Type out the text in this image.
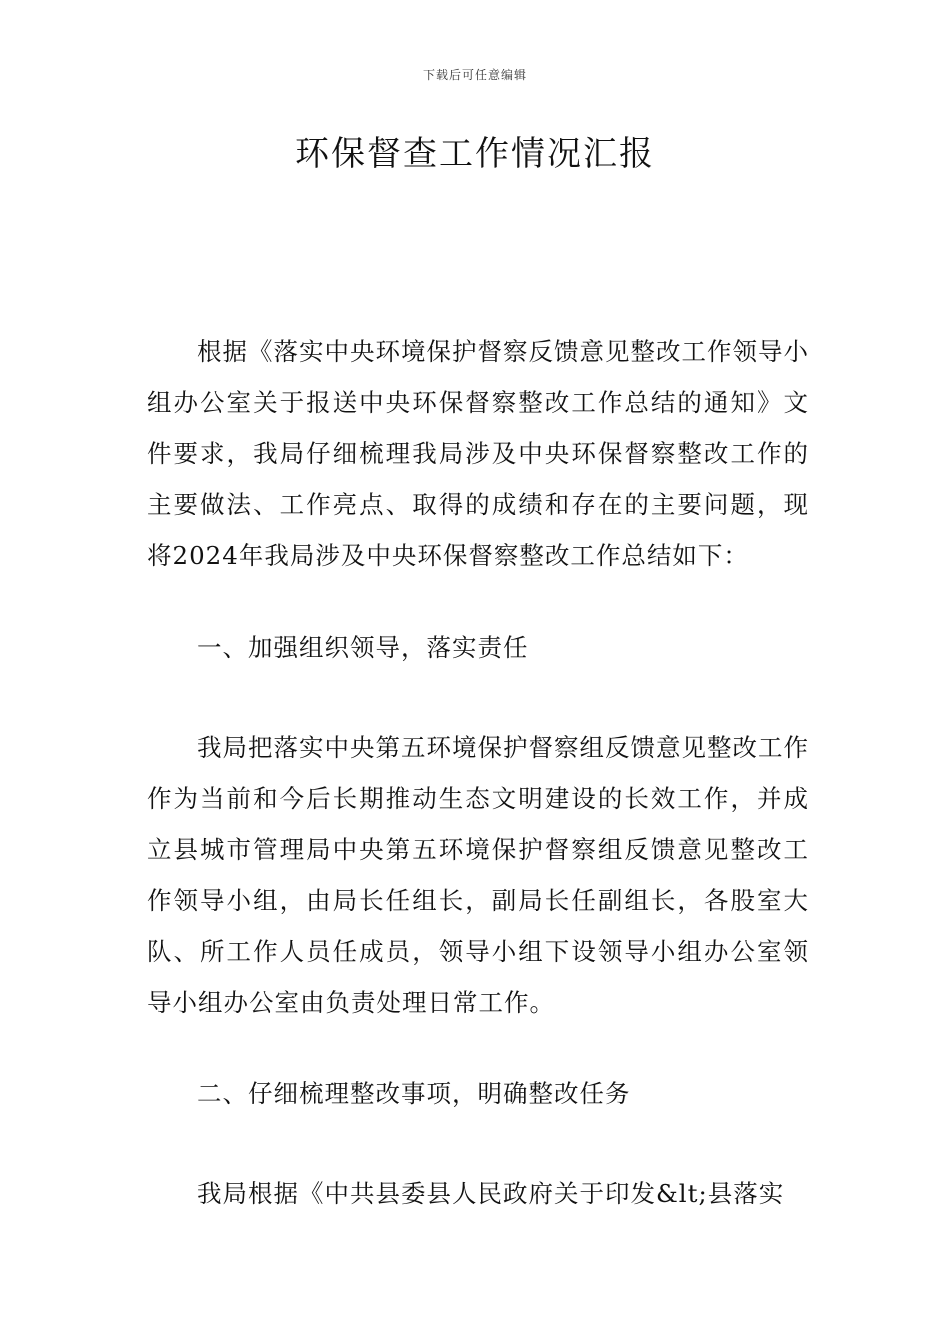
下载后可任意编辑
环保督查工作情况汇报

根据《落实中央环境保护督察反馈意见整改工作领导小组办公室关于报送中央环保督察整改工作总结的通知》文件要求，我局仔细梳理我局涉及中央环保督察整改工作的主要做法、工作亮点、取得的成绩和存在的主要问题，现将2024年我局涉及中央环保督察整改工作总结如下：

一、加强组织领导，落实责任

我局把落实中央第五环境保护督察组反馈意见整改工作作为当前和今后长期推动生态文明建设的长效工作，并成立县城市管理局中央第五环境保护督察组反馈意见整改工作领导小组，由局长任组长，副局长任副组长，各股室大队、所工作人员任成员，领导小组下设领导小组办公室领导小组办公室由负责处理日常工作。

二、仔细梳理整改事项，明确整改任务

我局根据《中共县委县人民政府关于印发&lt;县落实
